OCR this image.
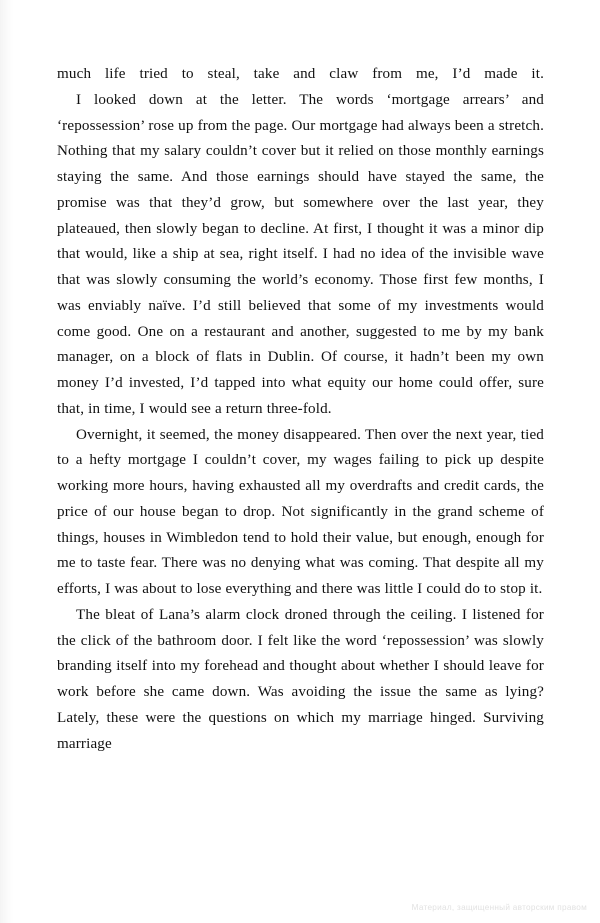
much life tried to steal, take and claw from me, I’d made it.

I looked down at the letter. The words ‘mortgage arrears’ and ‘repossession’ rose up from the page. Our mortgage had always been a stretch. Nothing that my salary couldn’t cover but it relied on those monthly earnings staying the same. And those earnings should have stayed the same, the promise was that they’d grow, but somewhere over the last year, they plateaued, then slowly began to decline. At first, I thought it was a minor dip that would, like a ship at sea, right itself. I had no idea of the invisible wave that was slowly consuming the world’s economy. Those first few months, I was enviably naïve. I’d still believed that some of my investments would come good. One on a restaurant and another, suggested to me by my bank manager, on a block of flats in Dublin. Of course, it hadn’t been my own money I’d invested, I’d tapped into what equity our home could offer, sure that, in time, I would see a return three-fold.

Overnight, it seemed, the money disappeared. Then over the next year, tied to a hefty mortgage I couldn’t cover, my wages failing to pick up despite working more hours, having exhausted all my overdrafts and credit cards, the price of our house began to drop. Not significantly in the grand scheme of things, houses in Wimbledon tend to hold their value, but enough, enough for me to taste fear. There was no denying what was coming. That despite all my efforts, I was about to lose everything and there was little I could do to stop it.

The bleat of Lana’s alarm clock droned through the ceiling. I listened for the click of the bathroom door. I felt like the word ‘repossession’ was slowly branding itself into my forehead and thought about whether I should leave for work before she came down. Was avoiding the issue the same as lying? Lately, these were the questions on which my marriage hinged. Surviving marriage

Материал, защищенный авторским правом
